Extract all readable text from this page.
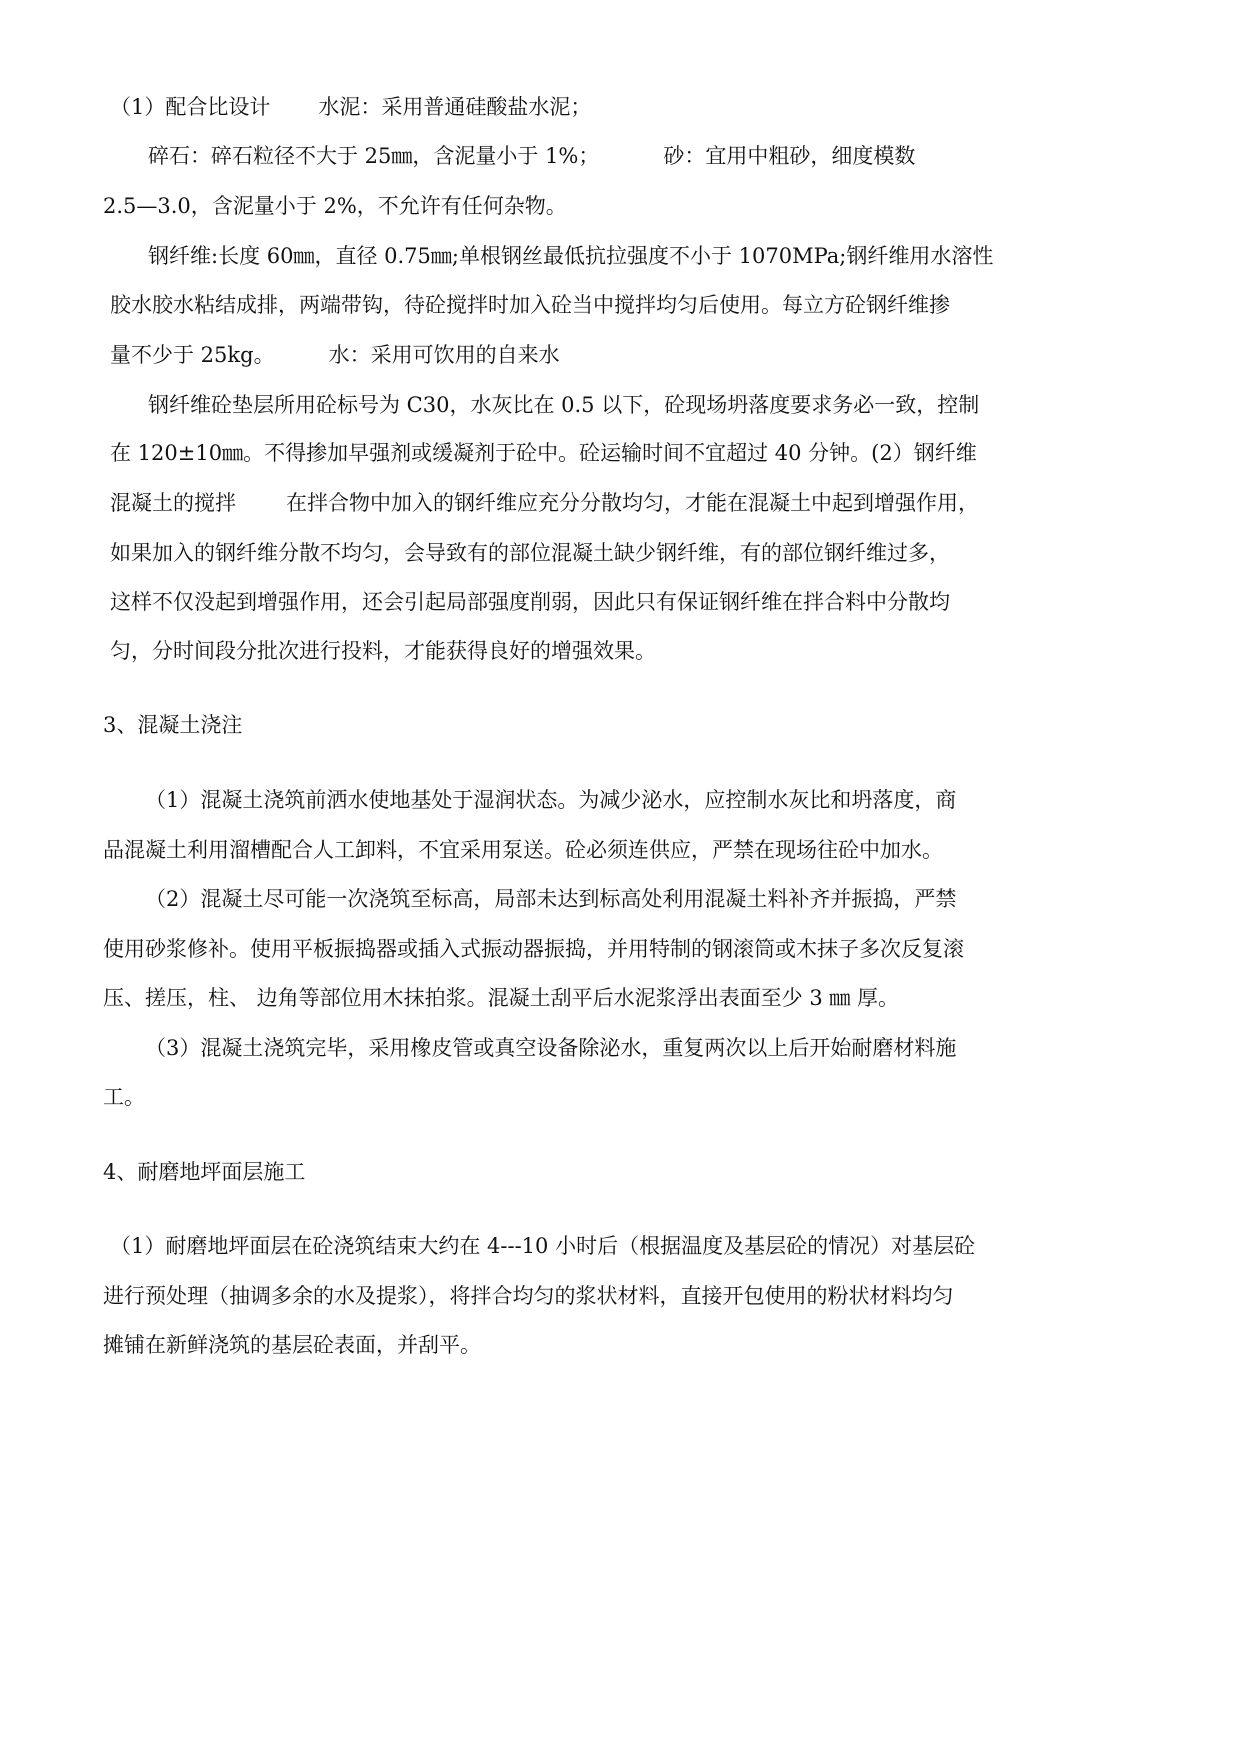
（1）配合比设计 水泥：采用普通硅酸盐水泥；
碎石：碎石粒径不大于 25㎜，含泥量小于 1%；	砂：宜用中粗砂，细度模数
2.5—3.0，含泥量小于 2%，不允许有任何杂物。
钢纤维:长度 60㎜，直径 0.75㎜;单根钢丝最低抗拉强度不小于 1070MPa;钢纤维用水溶性
胶水胶水粘结成排，两端带钩，待砼搅拌时加入砼当中搅拌均匀后使用。每立方砼钢纤维掺
量不少于 25kg。	水：采用可饮用的自来水
钢纤维砼垫层所用砼标号为 C30，水灰比在 0.5 以下，砼现场坍落度要求务必一致，控制
在 120±10㎜。不得掺加早强剂或缓凝剂于砼中。砼运输时间不宜超过 40 分钟。(2）钢纤维
混凝土的搅拌 在拌合物中加入的钢纤维应充分分散均匀，才能在混凝土中起到增强作用，
如果加入的钢纤维分散不均匀，会导致有的部位混凝土缺少钢纤维，有的部位钢纤维过多，
这样不仅没起到增强作用，还会引起局部强度削弱，因此只有保证钢纤维在拌合料中分散均
匀，分时间段分批次进行投料，才能获得良好的增强效果。
3、混凝土浇注
（1）混凝土浇筑前洒水使地基处于湿润状态。为减少泌水，应控制水灰比和坍落度，商
品混凝土利用溜槽配合人工卸料，不宜采用泵送。砼必须连供应，严禁在现场往砼中加水。
（2）混凝土尽可能一次浇筑至标高，局部未达到标高处利用混凝土料补齐并振捣，严禁
使用砂浆修补。使用平板振捣器或插入式振动器振捣，并用特制的钢滚筒或木抹子多次反复滚
压、搓压，柱、 边角等部位用木抹拍浆。混凝土刮平后水泥浆浮出表面至少 3 ㎜ 厚。
（3）混凝土浇筑完毕，采用橡皮管或真空设备除泌水，重复两次以上后开始耐磨材料施
工。
4、耐磨地坪面层施工
（1）耐磨地坪面层在砼浇筑结束大约在 4---10 小时后（根据温度及基层砼的情况）对基层砼
进行预处理（抽调多余的水及提浆），将拌合均匀的浆状材料，直接开包使用的粉状材料均匀
摊铺在新鲜浇筑的基层砼表面，并刮平。
